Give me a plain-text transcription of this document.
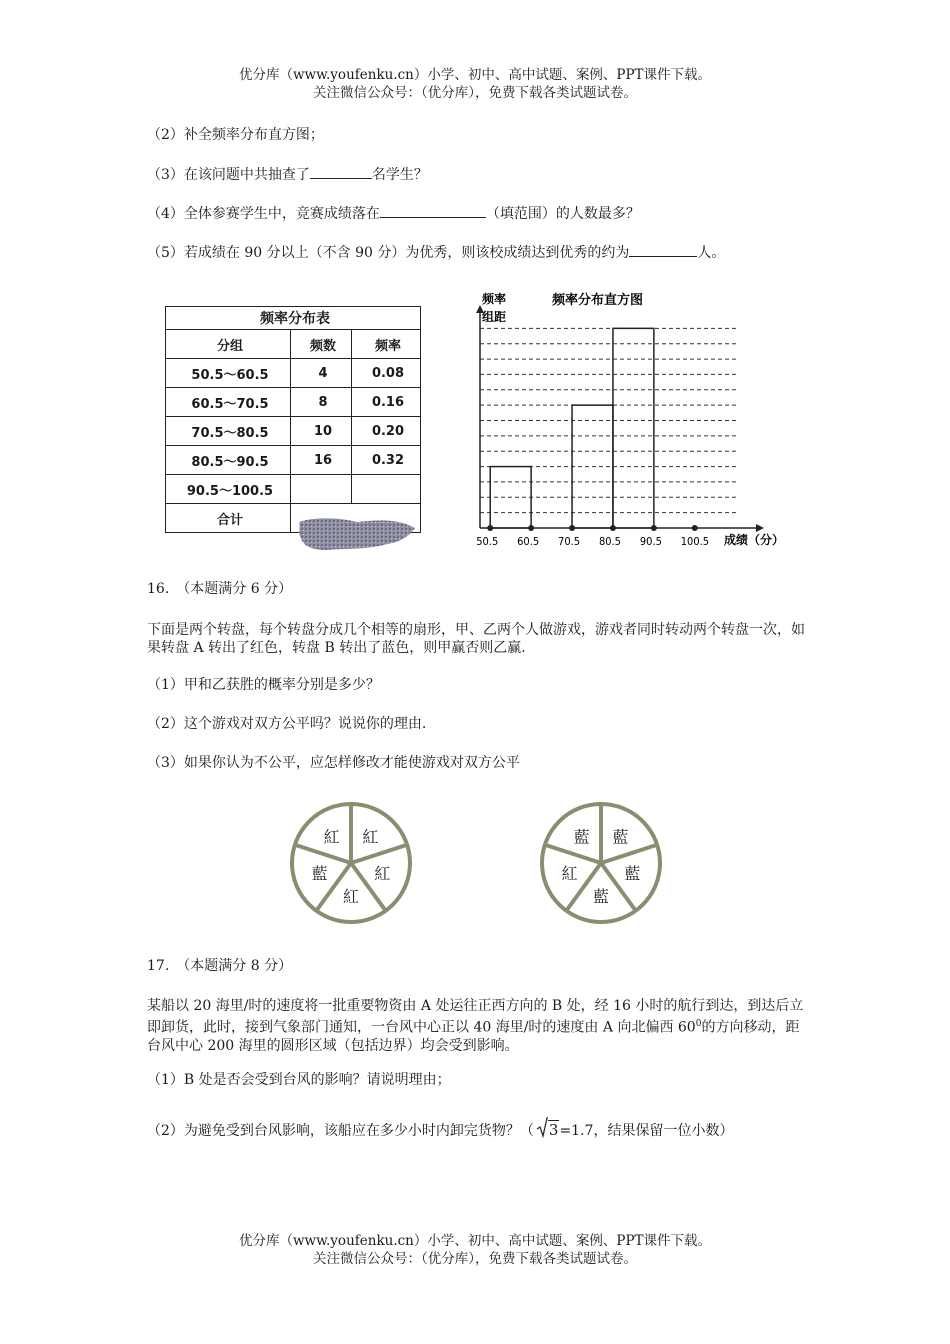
优分库（www.youfenku.cn）小学、初中、高中试题、案例、PPT课件下载。
关注微信公众号：（优分库），免费下载各类试题试卷。
（2）补全频率分布直方图；
（3）在该问题中共抽查了	名学生？
（4）全体参赛学生中，竞赛成绩落在	（填范围）的人数最多？
（5）若成绩在 90 分以上（不含 90 分）为优秀，则该校成绩达到优秀的约为	人。
频率分布表		
分组	频数	频率
50.5～60.5	4	0.08
60.5～70.5	8	0.16
70.5～80.5	10	0.20
80.5～90.5	16	0.32
90.5～100.5		
合计		
频率
组距
频率分布直方图
50.5 60.5 70.5 80.5 90.5 100.5 成绩（分）
16.　（本题满分 6 分）
下面是两个转盘，每个转盘分成几个相等的扇形，甲、乙两个人做游戏，游戏者同时转动两个转盘一次，如果转盘 A 转出了红色，转盘 B 转出了蓝色，则甲赢否则乙赢.
（1）甲和乙获胜的概率分别是多少？
（2）这个游戏对双方公平吗？说说你的理由.
（3）如果你认为不公平，应怎样修改才能使游戏对双方公平
紅
紅
紅
藍
紅	藍
藍
藍
紅
藍
17.　（本题满分 8 分）
某船以 20 海里/时的速度将一批重要物资由 A 处运往正西方向的 B 处，经 16 小时的航行到达，到达后立即卸货，此时，接到气象部门通知，一台风中心正以 40 海里/时的速度由 A 向北偏西 $60^0$的方向移动，距台风中心 200 海里的圆形区域（包括边界）均会受到影响。
（1）B 处是否会受到台风的影响？请说明理由；
（2）为避免受到台风影响，该船应在多少小时内卸完货物？（ 3=1.7，结果保留一位小数）
优分库（www.youfenku.cn）小学、初中、高中试题、案例、PPT课件下载。
关注微信公众号：（优分库），免费下载各类试题试卷。
